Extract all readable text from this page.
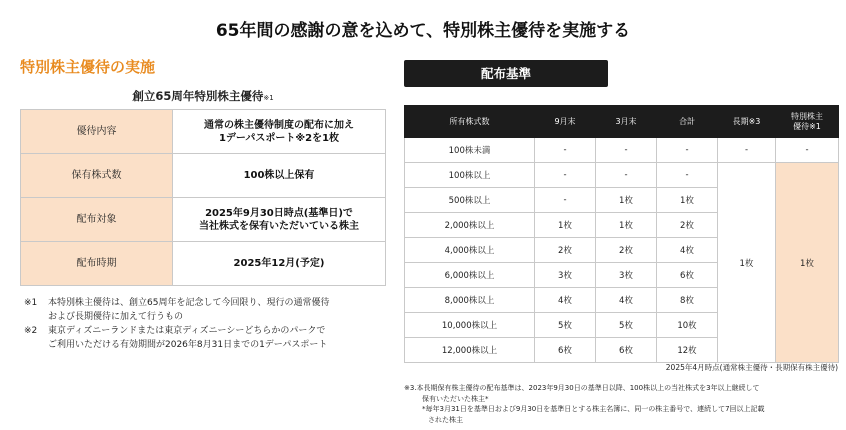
65年間の感謝の意を込めて、特別株主優待を実施する
特別株主優待の実施
創立65周年特別株主優待※1
優待内容	通常の株主優待制度の配布に加え
1デーパスポート※2を1枚

保有株式数	100株以上保有

配布対象	2025年9月30日時点(基準日)で
当社株式を保有いただいている株主

配布時期	2025年12月(予定)
※1	本特別株主優待は、創立65周年を記念して今回限り、現行の通常優待
および長期優待に加えて行うもの
※2	東京ディズニーランドまたは東京ディズニーシーどちらかのパークで
ご利用いただける有効期間が2026年8月31日までの1デーパスポート
配布基準
所有株式数	9月末	3月末	合計	長期※3	特別株主
優待※1

100株未満	-	-	-	-	-
100株以上	-	-	-	1枚	1枚
500株以上	-	1枚	1枚		
2,000株以上	1枚	1枚	2枚		
4,000株以上	2枚	2枚	4枚		
6,000株以上	3枚	3枚	6枚		
8,000株以上	4枚	4枚	8枚		
10,000株以上	5枚	5枚	10枚		
12,000株以上	6枚	6枚	12枚		
2025年4月時点(通常株主優待・長期保有株主優待)
※3.本長期保有株主優待の配布基準は、2023年9月30日の基準日以降、100株以上の当社株式を3年以上継続して
保有いただいた株主*
*毎年3月31日を基準日および9月30日を基準日とする株主名簿に、同一の株主番号で、連続して7回以上記載
された株主
